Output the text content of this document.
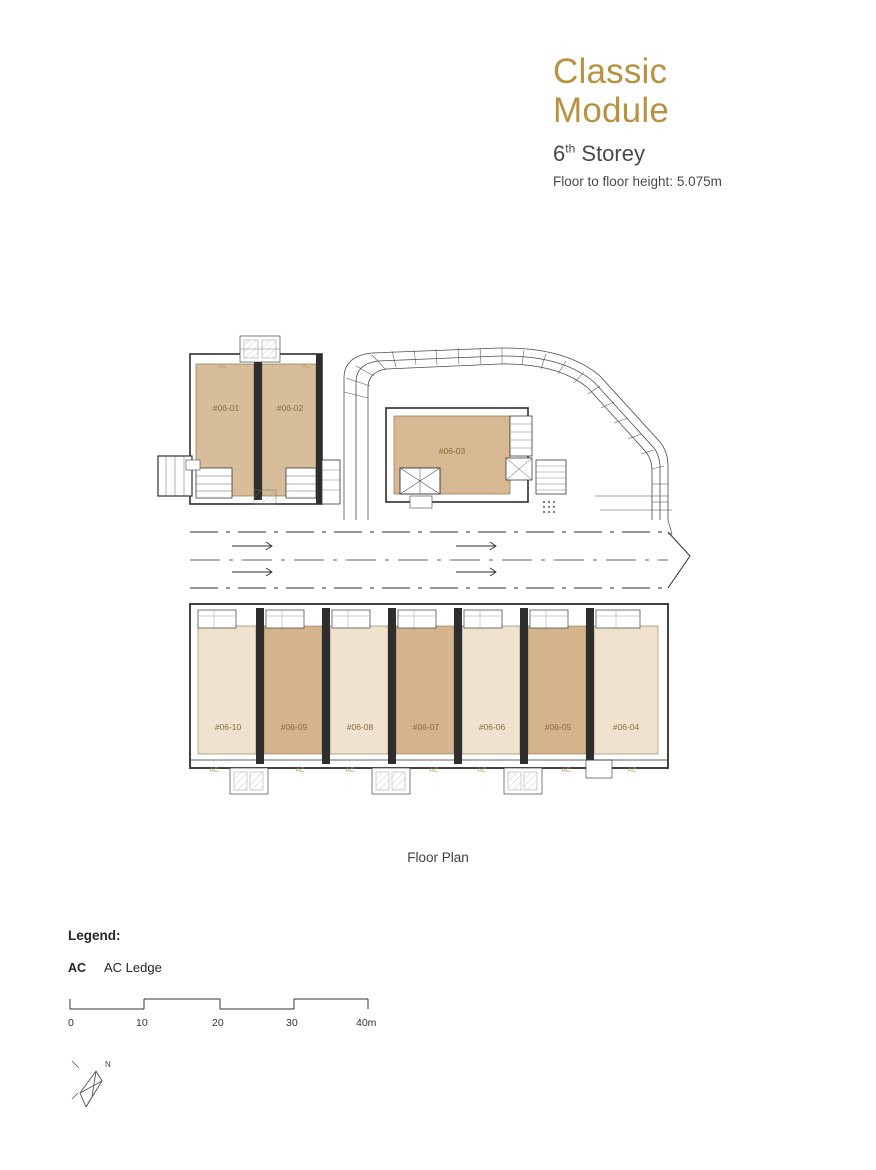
Classic
Module
6th Storey
Floor to floor height: 5.075m
#06-01	#06-02
#06-03
#06-04
#06-05
#06-06
#06-07
#06-08
#06-09
#06-10
AC	AC
AC	AC	AC	AC	AC	AC	AC
Floor Plan
Legend:
AC	AC Ledge
0	10	20	30	40m
N
